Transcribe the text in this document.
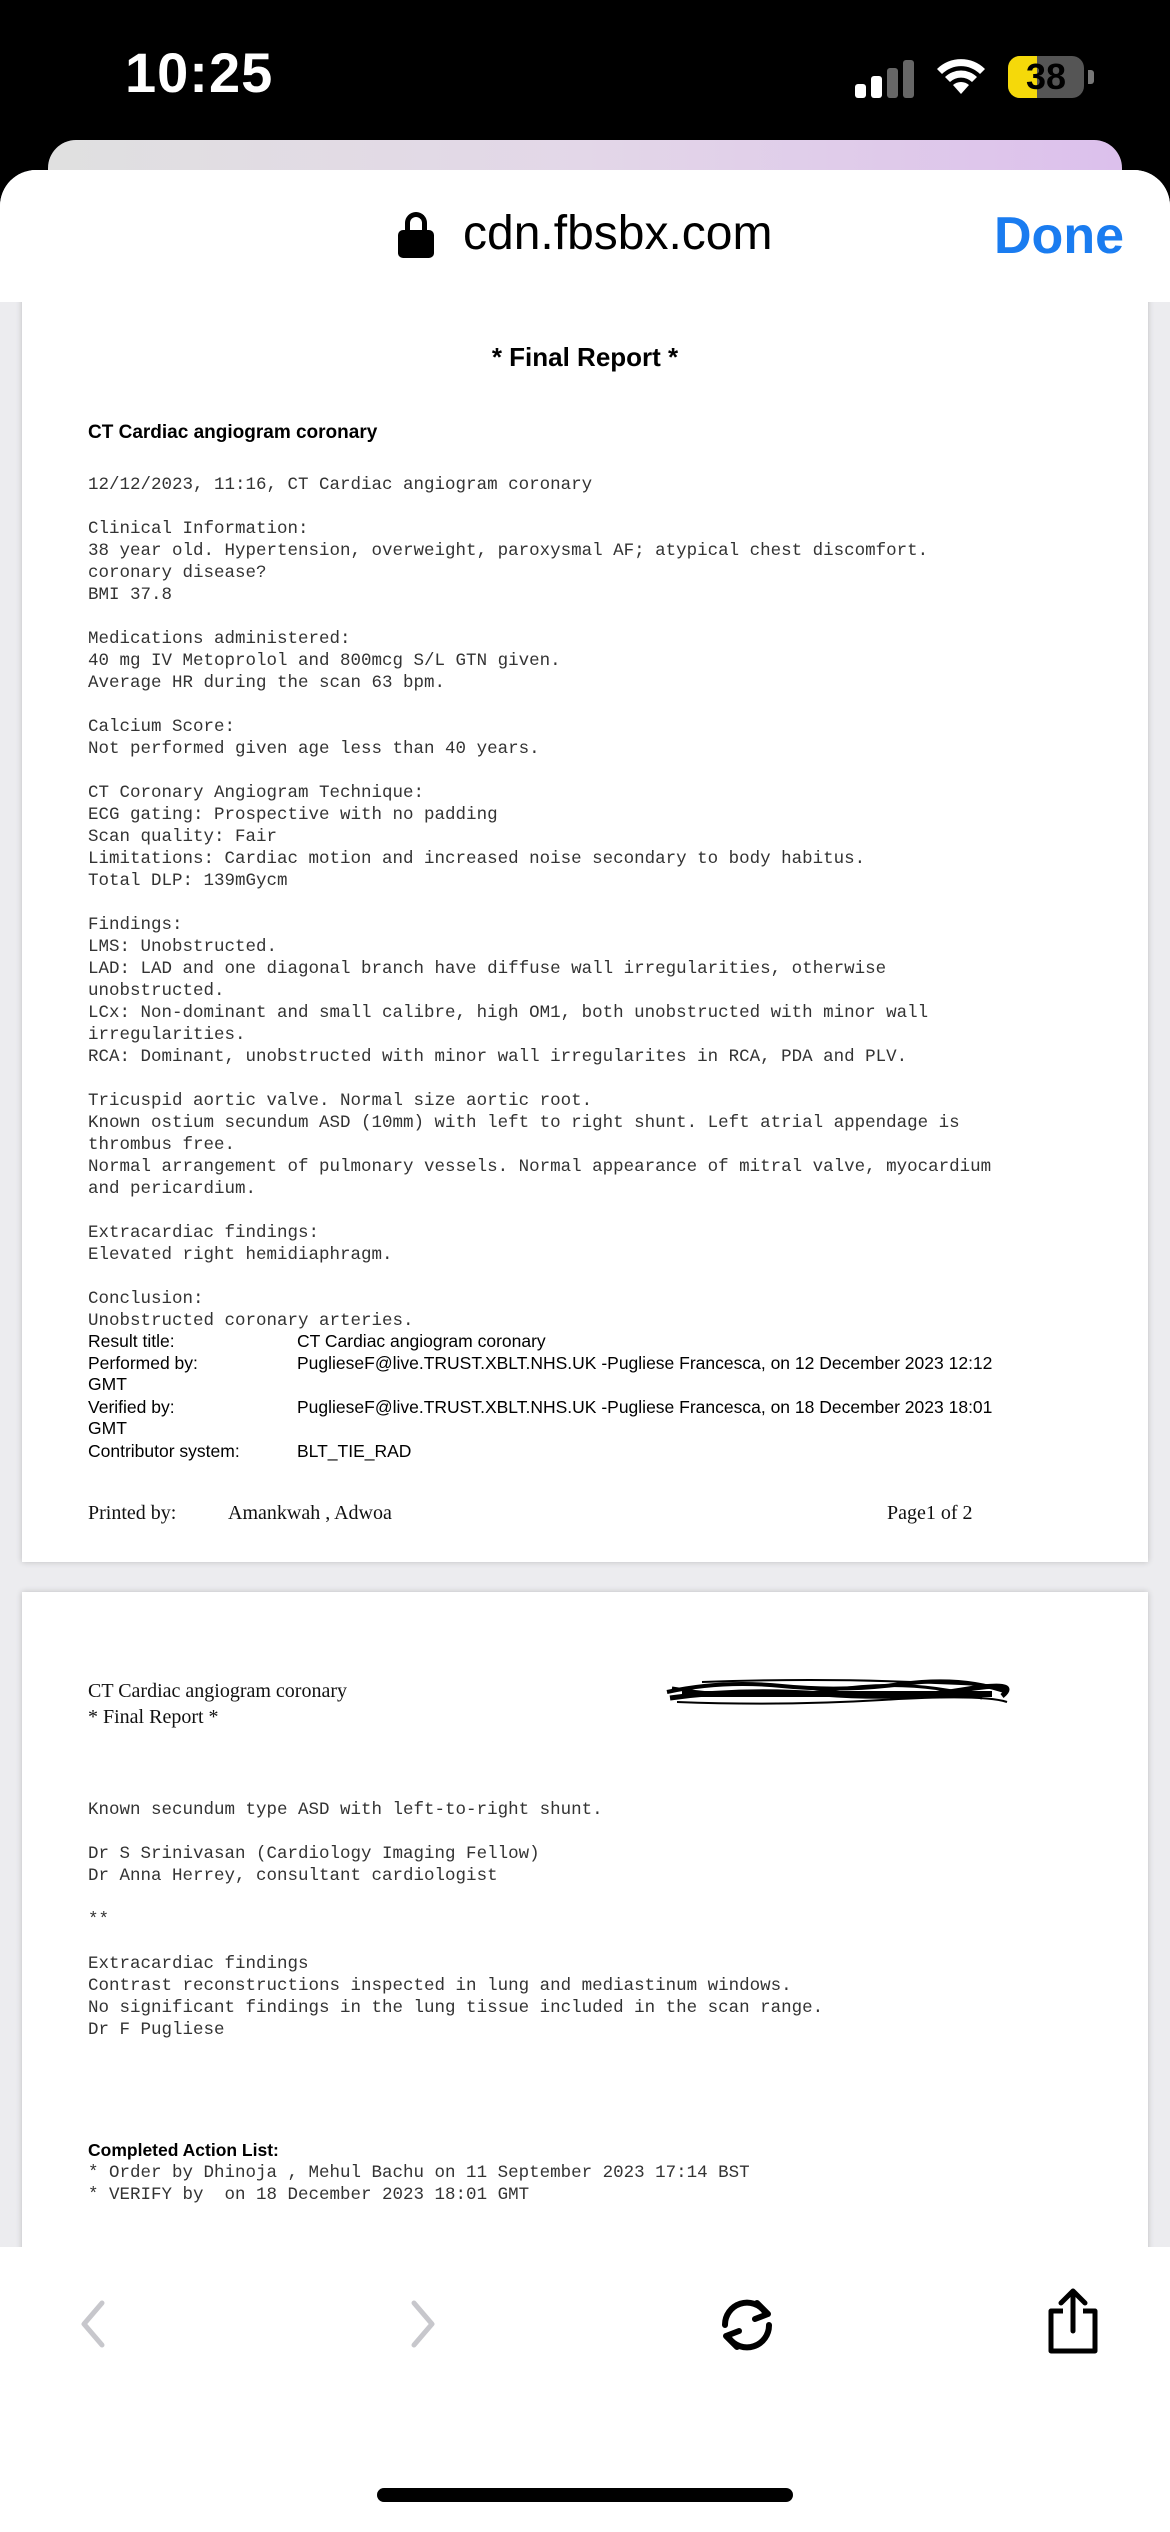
10:25	38
cdn.fbsbx.com	Done
* Final Report *
CT Cardiac angiogram coronary
12/12/2023, 11:16, CT Cardiac angiogram coronary
Clinical Information:
38 year old. Hypertension, overweight, paroxysmal AF; atypical chest discomfort.
coronary disease?
BMI 37.8
Medications administered:
40 mg IV Metoprolol and 800mcg S/L GTN given.
Average HR during the scan 63 bpm.
Calcium Score:
Not performed given age less than 40 years.
CT Coronary Angiogram Technique:
ECG gating: Prospective with no padding
Scan quality: Fair
Limitations: Cardiac motion and increased noise secondary to body habitus.
Total DLP: 139mGycm
Findings:
LMS: Unobstructed.
LAD: LAD and one diagonal branch have diffuse wall irregularities, otherwise
unobstructed.
LCx: Non-dominant and small calibre, high OM1, both unobstructed with minor wall
irregularities.
RCA: Dominant, unobstructed with minor wall irregularites in RCA, PDA and PLV.
Tricuspid aortic valve. Normal size aortic root.
Known ostium secundum ASD (10mm) with left to right shunt. Left atrial appendage is
thrombus free.
Normal arrangement of pulmonary vessels. Normal appearance of mitral valve, myocardium
and pericardium.
Extracardiac findings:
Elevated right hemidiaphragm.
Conclusion:
Unobstructed coronary arteries.
Result title:	CT Cardiac angiogram coronary
Performed by:	PuglieseF@live.TRUST.XBLT.NHS.UK -Pugliese Francesca, on 12 December 2023 12:12
GMT
Verified by:	PuglieseF@live.TRUST.XBLT.NHS.UK -Pugliese Francesca, on 18 December 2023 18:01
GMT
Contributor system:	BLT_TIE_RAD
Printed by:	Amankwah , Adwoa	Page1 of 2
CT Cardiac angiogram coronary
* Final Report *
Known secundum type ASD with left-to-right shunt.
Dr S Srinivasan (Cardiology Imaging Fellow)
Dr Anna Herrey, consultant cardiologist
**
Extracardiac findings
Contrast reconstructions inspected in lung and mediastinum windows.
No significant findings in the lung tissue included in the scan range.
Dr F Pugliese
Completed Action List:
* Order by Dhinoja , Mehul Bachu on 11 September 2023 17:14 BST
* VERIFY by  on 18 December 2023 18:01 GMT
